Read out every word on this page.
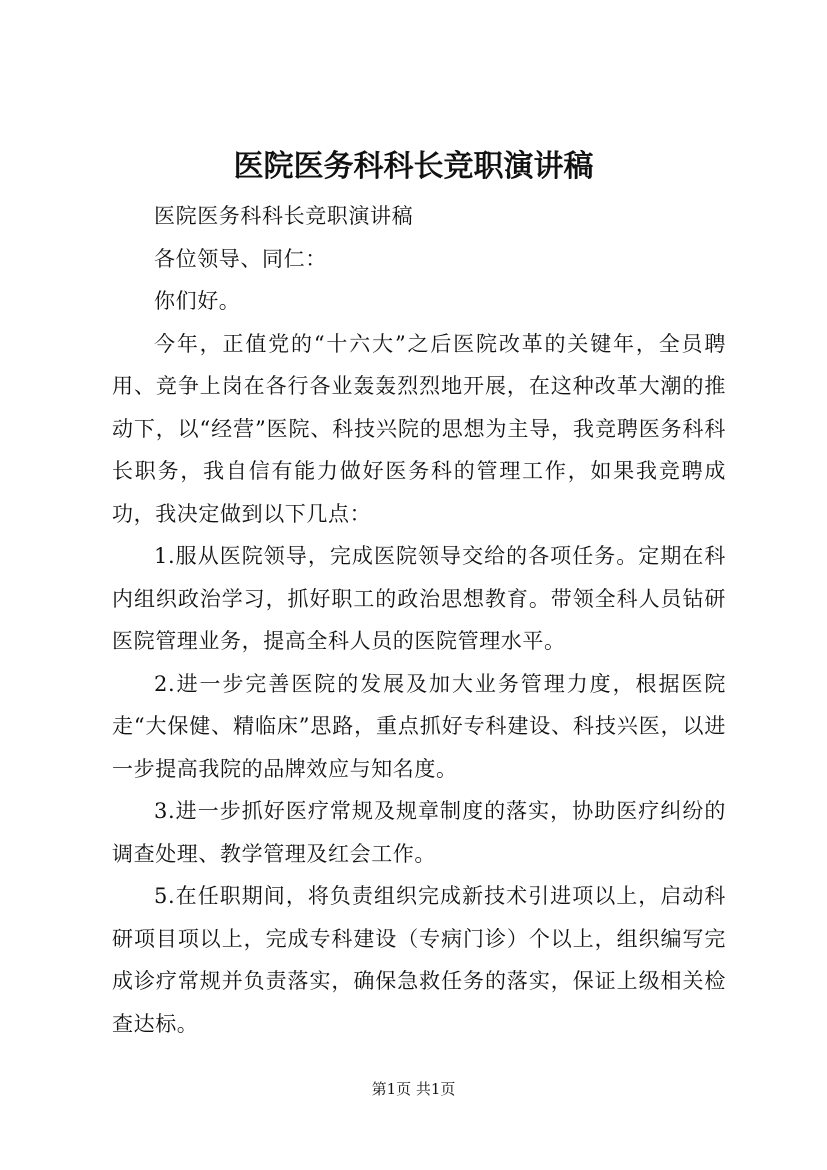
医院医务科科长竞职演讲稿

医院医务科科长竞职演讲稿

各位领导、同仁：

你们好。

今年，正值党的“十六大”之后医院改革的关键年，全员聘用、竞争上岗在各行各业轰轰烈烈地开展，在这种改革大潮的推动下，以“经营”医院、科技兴院的思想为主导，我竞聘医务科科长职务，我自信有能力做好医务科的管理工作，如果我竞聘成功，我决定做到以下几点：

1.服从医院领导，完成医院领导交给的各项任务。定期在科内组织政治学习，抓好职工的政治思想教育。带领全科人员钻研医院管理业务，提高全科人员的医院管理水平。

2.进一步完善医院的发展及加大业务管理力度，根据医院走“大保健、精临床”思路，重点抓好专科建设、科技兴医，以进一步提高我院的品牌效应与知名度。

3.进一步抓好医疗常规及规章制度的落实，协助医疗纠纷的调查处理、教学管理及红会工作。

5.在任职期间，将负责组织完成新技术引进项以上，启动科研项目项以上，完成专科建设（专病门诊）个以上，组织编写完成诊疗常规并负责落实，确保急救任务的落实，保证上级相关检查达标。

第1页 共1页
